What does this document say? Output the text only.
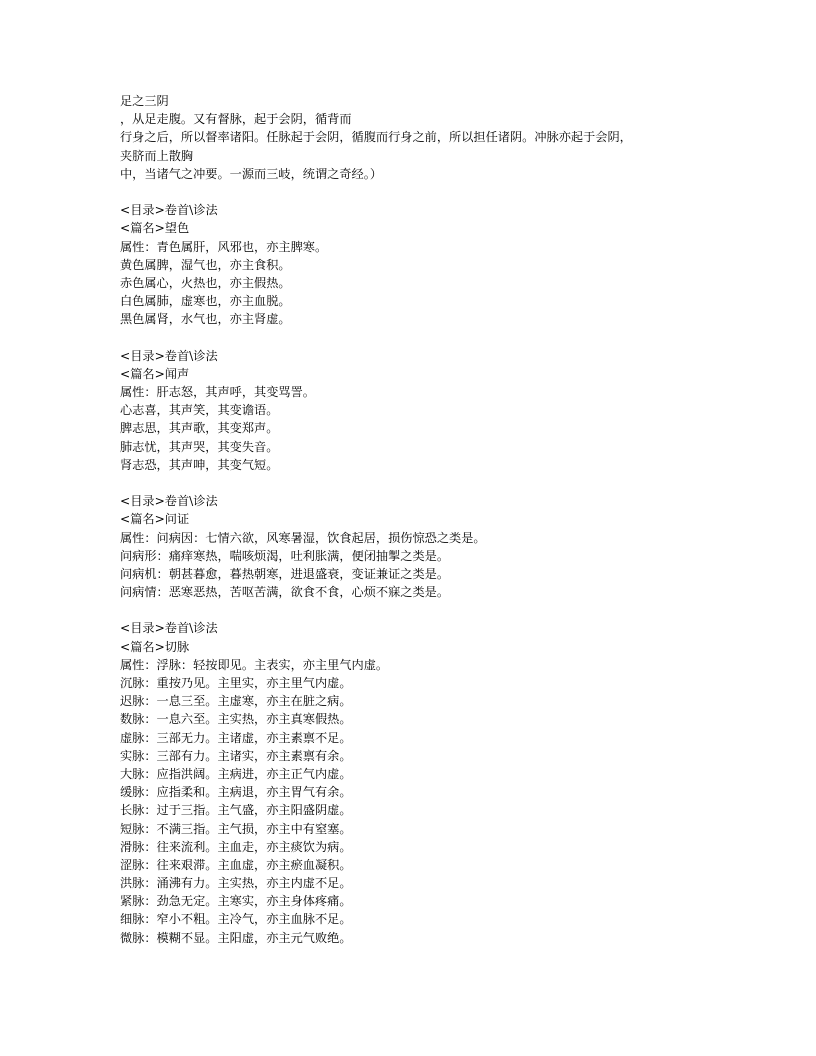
足之三阴
，从足走腹。又有督脉，起于会阴，循背而
行身之后，所以督率诸阳。任脉起于会阴，循腹而行身之前，所以担任诸阴。冲脉亦起于会阴，
夹脐而上散胸
中，当诸气之冲要。一源而三岐，统谓之奇经。）
<目录>卷首\诊法
<篇名>望色
属性：青色属肝，风邪也，亦主脾寒。
黄色属脾，湿气也，亦主食积。
赤色属心，火热也，亦主假热。
白色属肺，虚寒也，亦主血脱。
黑色属肾，水气也，亦主肾虚。
<目录>卷首\诊法
<篇名>闻声
属性：肝志怒，其声呼，其变骂詈。
心志喜，其声笑，其变谵语。
脾志思，其声歌，其变郑声。
肺志忧，其声哭，其变失音。
肾志恐，其声呻，其变气短。
<目录>卷首\诊法
<篇名>问证
属性：问病因：七情六欲，风寒暑湿，饮食起居，损伤惊恐之类是。
问病形：痛痒寒热，喘咳烦渴，吐利胀满，便闭抽掣之类是。
问病机：朝甚暮愈，暮热朝寒，进退盛衰，变证兼证之类是。
问病情：恶寒恶热，苦呕苦满，欲食不食，心烦不寐之类是。
<目录>卷首\诊法
<篇名>切脉
属性：浮脉：轻按即见。主表实，亦主里气内虚。
沉脉：重按乃见。主里实，亦主里气内虚。
迟脉：一息三至。主虚寒，亦主在脏之病。
数脉：一息六至。主实热，亦主真寒假热。
虚脉：三部无力。主诸虚，亦主素禀不足。
实脉：三部有力。主诸实，亦主素禀有余。
大脉：应指洪阔。主病进，亦主正气内虚。
缓脉：应指柔和。主病退，亦主胃气有余。
长脉：过于三指。主气盛，亦主阳盛阴虚。
短脉：不满三指。主气损，亦主中有窒塞。
滑脉：往来流利。主血走，亦主痰饮为病。
涩脉：往来艰滞。主血虚，亦主瘀血凝积。
洪脉：涌沸有力。主实热，亦主内虚不足。
紧脉：劲急无定。主寒实，亦主身体疼痛。
细脉：窄小不粗。主冷气，亦主血脉不足。
微脉：模糊不显。主阳虚，亦主元气败绝。
